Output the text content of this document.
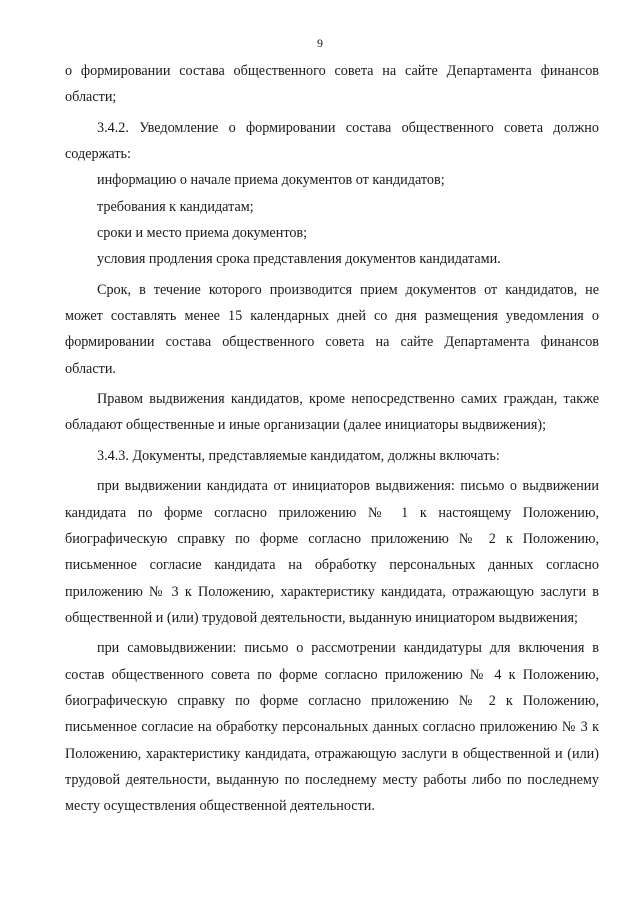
9

о формировании состава общественного совета на сайте Департамента финансов области;

3.4.2. Уведомление о формировании состава общественного совета должно содержать:

информацию о начале приема документов от кандидатов;

требования к кандидатам;

сроки и место приема документов;

условия продления срока представления документов кандидатами.

Срок, в течение которого производится прием документов от кандидатов, не может составлять менее 15 календарных дней со дня размещения уведомления о формировании состава общественного совета на сайте Департамента финансов области.

Правом выдвижения кандидатов, кроме непосредственно самих граждан, также обладают общественные и иные организации (далее инициаторы выдвижения);

3.4.3. Документы, представляемые кандидатом, должны включать:

при выдвижении кандидата от инициаторов выдвижения: письмо о выдвижении кандидата по форме согласно приложению № 1 к настоящему Положению, биографическую справку по форме согласно приложению № 2 к Положению, письменное согласие кандидата на обработку персональных данных согласно приложению № 3 к Положению, характеристику кандидата, отражающую заслуги в общественной и (или) трудовой деятельности, выданную инициатором выдвижения;

при самовыдвижении: письмо о рассмотрении кандидатуры для включения в состав общественного совета по форме согласно приложению № 4 к Положению, биографическую справку по форме согласно приложению № 2 к Положению, письменное согласие на обработку персональных данных согласно приложению № 3 к Положению, характеристику кандидата, отражающую заслуги в общественной и (или) трудовой деятельности, выданную по последнему месту работы либо по последнему месту осуществления общественной деятельности.
